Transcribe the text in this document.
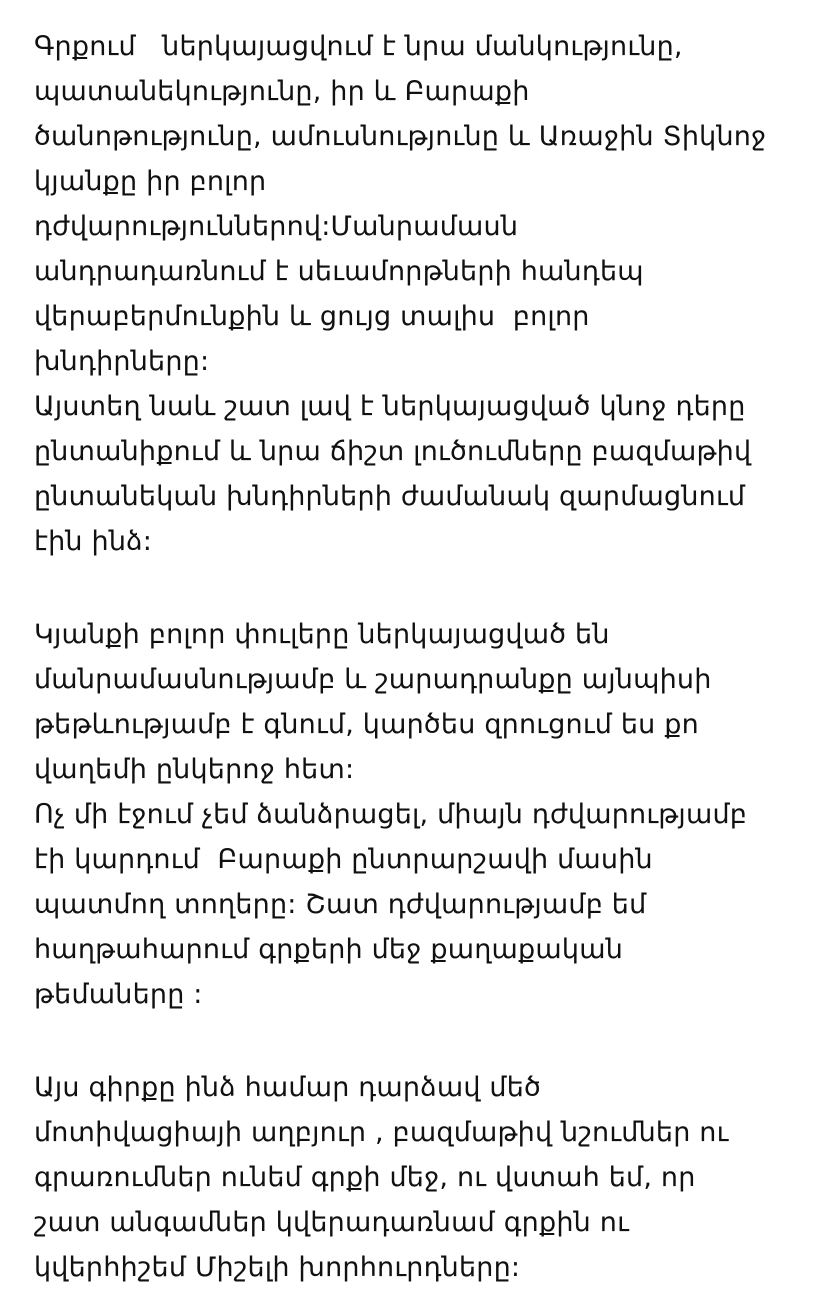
Գրքում   ներկայացվում է նրա մանկությունը,
պատանեկությունը, իր և Բարաքի
ծանոթությունը, ամուսնությունը և Առաջին Տիկնոջ
կյանքը իր բոլոր
դժվարություններով:Մանրամասն
անդրադառնում է սեւամորթների հանդեպ
վերաբերմունքին և ցույց տալիս  բոլոր
խնդիրները:
Այստեղ նաև շատ լավ է ներկայացված կնոջ դերը
ընտանիքում և նրա ճիշտ լուծումները բազմաթիվ
ընտանեկան խնդիրների ժամանակ զարմացնում
էին ինձ:
Կյանքի բոլոր փուլերը ներկայացված են
մանրամասնությամբ և շարադրանքը այնպիսի
թեթևությամբ է գնում, կարծես զրուցում ես քո
վաղեմի ընկերոջ հետ:
Ոչ մի էջում չեմ ձանձրացել, միայն դժվարությամբ
էի կարդում  Բարաքի ընտրարշավի մասին
պատմող տողերը: Շատ դժվարությամբ եմ
հաղթահարում գրքերի մեջ քաղաքական
թեմաները :
Այս գիրքը ինձ համար դարձավ մեծ
մոտիվացիայի աղբյուր , բազմաթիվ նշումներ ու
գրառումներ ունեմ գրքի մեջ, ու վստահ եմ, որ
շատ անգամներ կվերադառնամ գրքին ու
կվերհիշեմ Միշելի խորհուրդները:
